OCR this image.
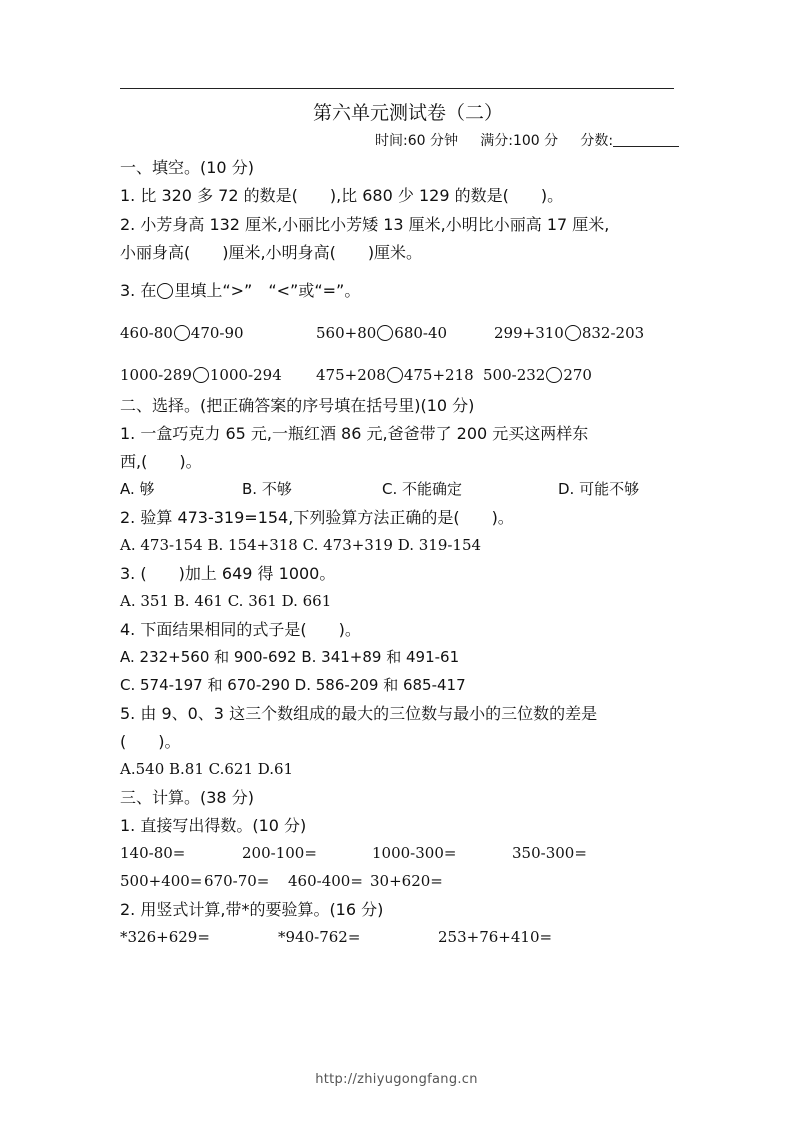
第六单元测试卷（二）
时间:60 分钟 满分:100 分 分数:
一、填空。(10 分)
1. 比 320 多 72 的数是(　　),比 680 少 129 的数是(　　)。
2. 小芳身高 132 厘米,小丽比小芳矮 13 厘米,小明比小丽高 17 厘米,
小丽身高(　　)厘米,小明身高(　　)厘米。
3. 在 里填上“>”　“<”或“=”。
460-80 470-90	560+80 680-40	299+310 832-203
1000-289 1000-294 475+208 475+218 500-232 270
二、选择。(把正确答案的序号填在括号里)(10 分)
1. 一盒巧克力 65 元,一瓶红酒 86 元,爸爸带了 200 元买这两样东
西,(　　)。
A. 够	B. 不够	C. 不能确定	D. 可能不够
2. 验算 473-319=154,下列验算方法正确的是(　　)。
A. 473-154 B. 154+318 C. 473+319 D. 319-154
3. (　　)加上 649 得 1000。
A. 351 B. 461 C. 361 D. 661
4. 下面结果相同的式子是(　　)。
A. 232+560 和 900-692 B. 341+89 和 491-61
C. 574-197 和 670-290 D. 586-209 和 685-417
5. 由 9、0、3 这三个数组成的最大的三位数与最小的三位数的差是
(　　)。
A.540 B.81 C.621 D.61
三、计算。(38 分)
1. 直接写出得数。(10 分)
140-80=	200-100=	1000-300=	350-300=
500+400= 670-70= 460-400= 30+620=
2. 用竖式计算,带*的要验算。(16 分)
*326+629=	*940-762=	253+76+410=
http://zhiyugongfang.cn
